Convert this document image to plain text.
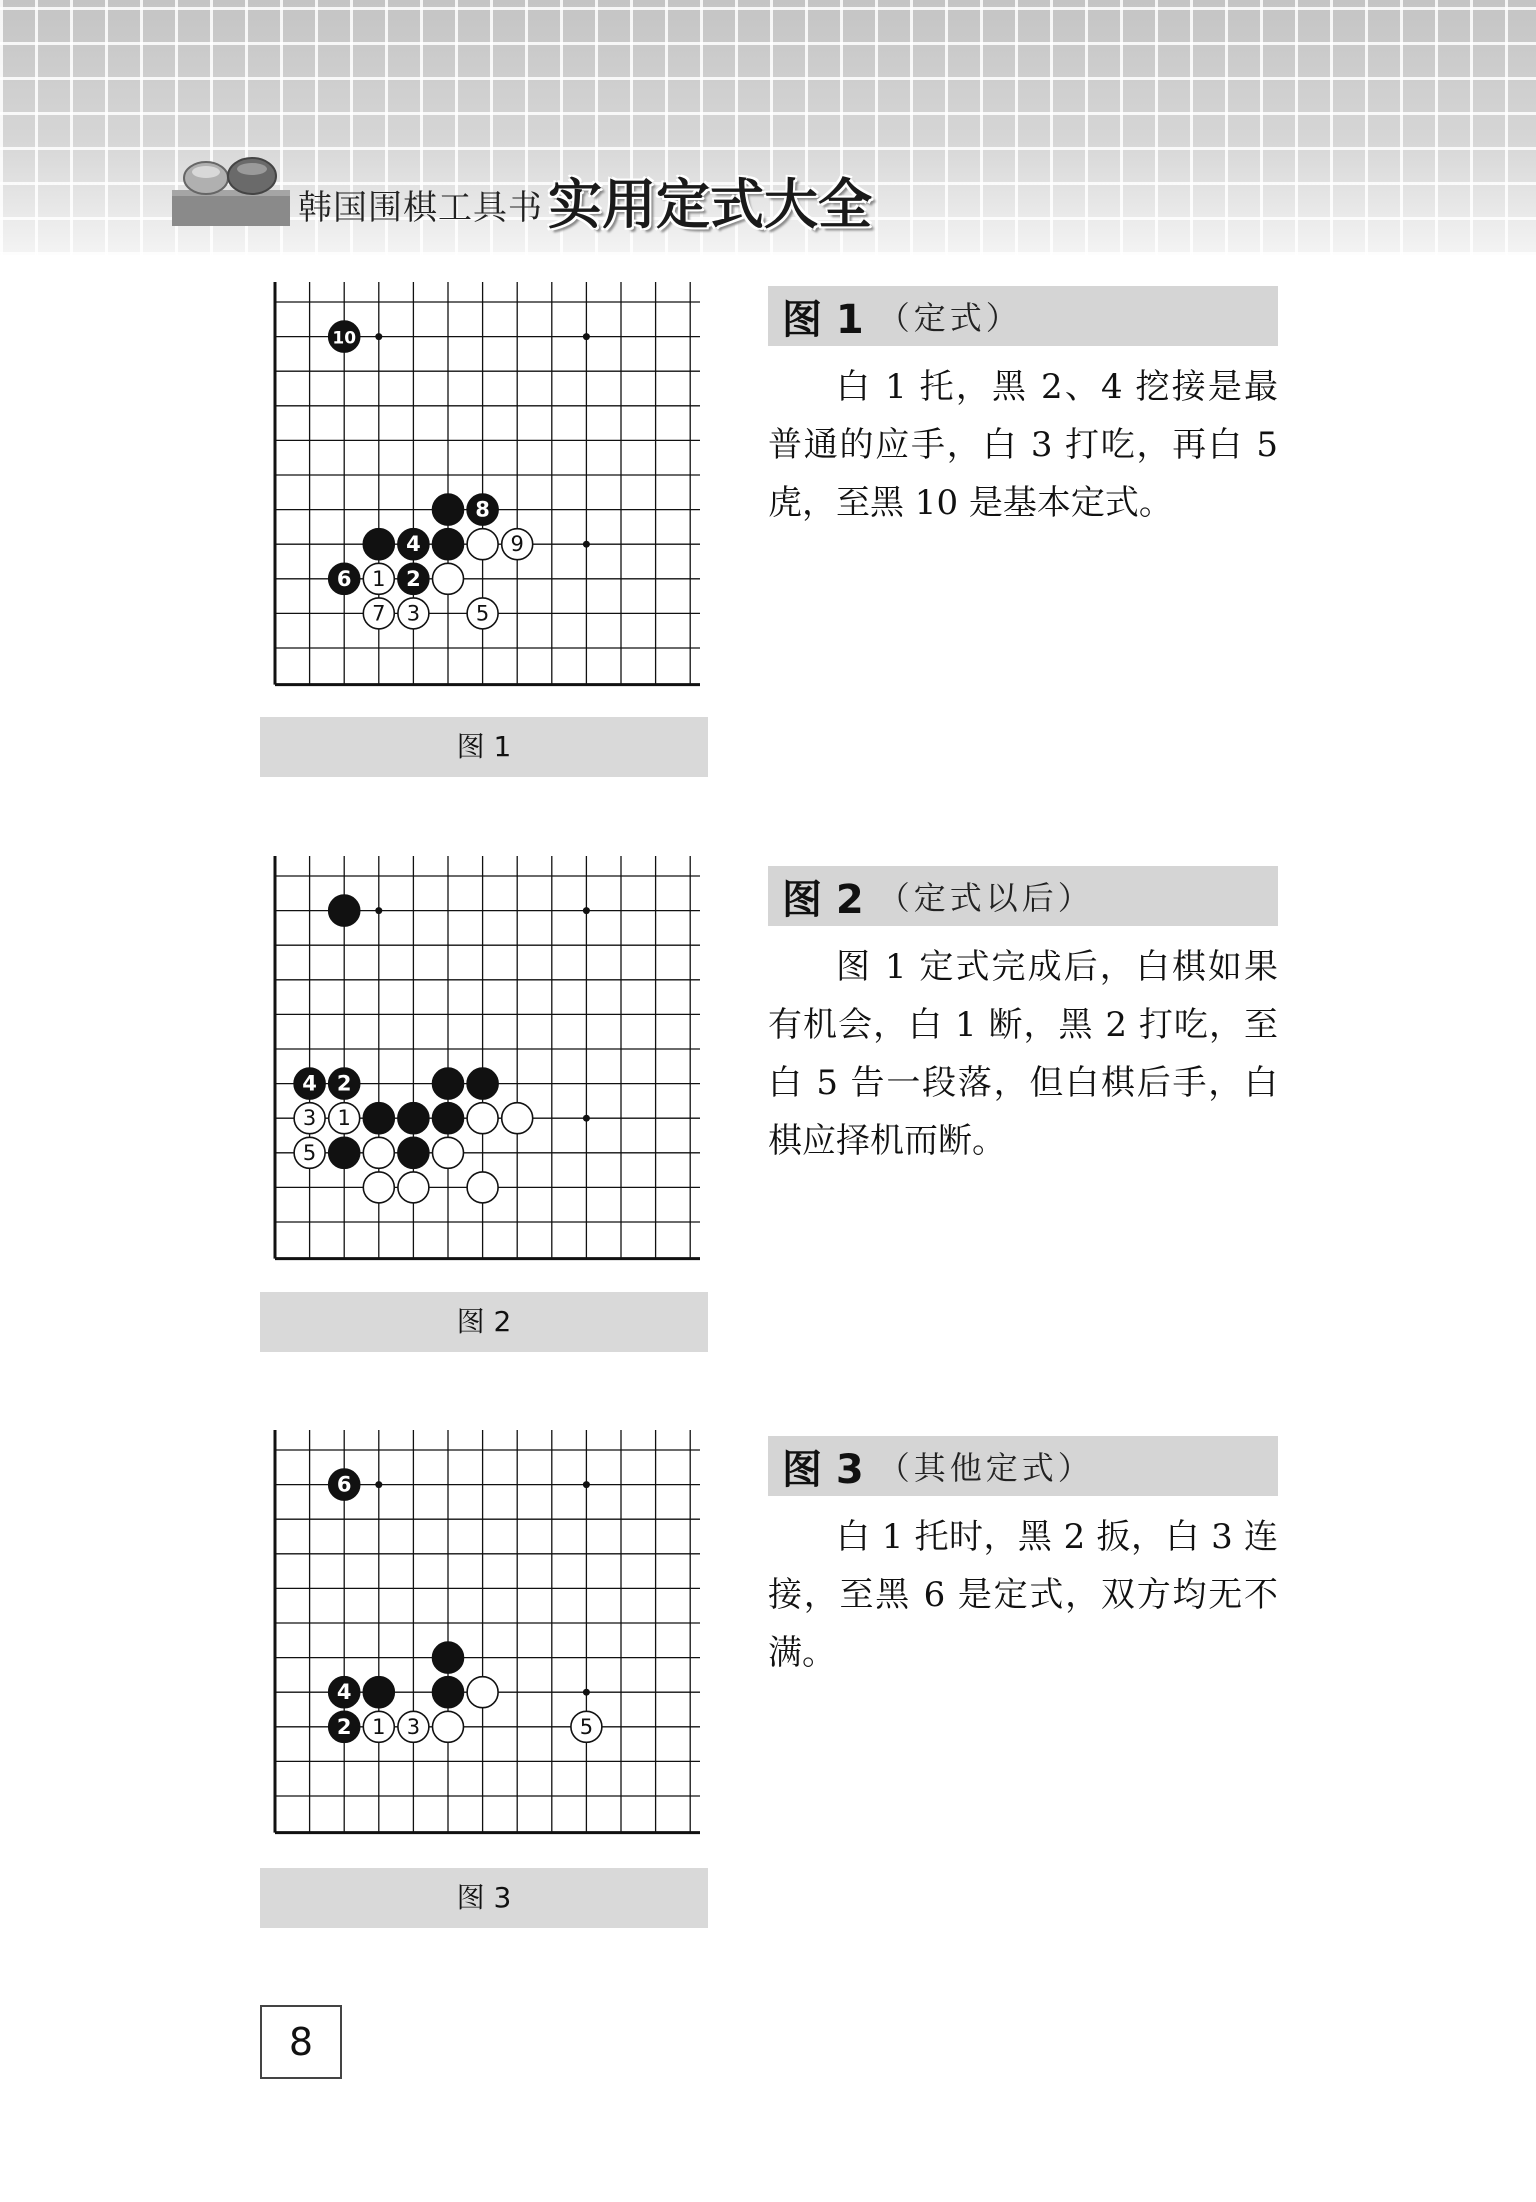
韩国围棋工具书 实用定式大全
10
8
4	9
6 1 2
7 3	5
图 1
图 1 （定式）
白 1 托，黑 2、4 挖接是最普通的应手，白 3 打吃，再白 5 虎，至黑 10 是基本定式。
4 2
3 1
5
图 2
图 2 （定式以后）
图 1 定式完成后，白棋如果有机会，白 1 断，黑 2 打吃，至白 5 告一段落，但白棋后手，白棋应择机而断。
6
4
2 1 3	5
图 3
图 3 （其他定式）
白 1 托时，黑 2 扳，白 3 连接，至黑 6 是定式，双方均无不满。
8
